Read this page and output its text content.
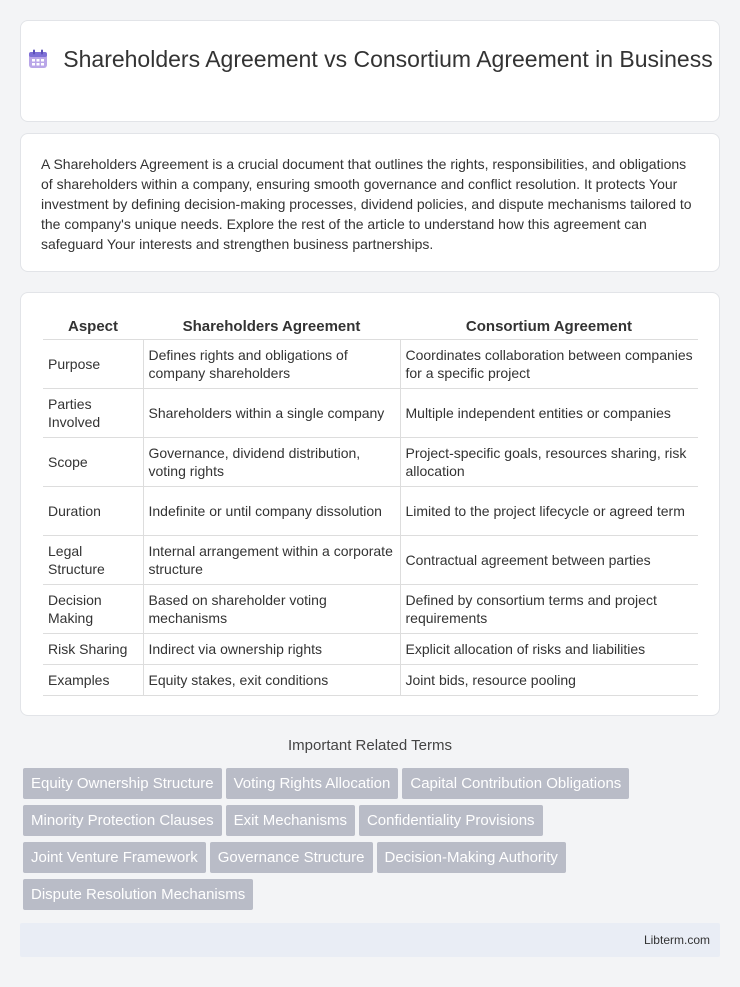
Shareholders Agreement vs Consortium Agreement in Business

A Shareholders Agreement is a crucial document that outlines the rights, responsibilities, and obligations of shareholders within a company, ensuring smooth governance and conflict resolution. It protects Your investment by defining decision-making processes, dividend policies, and dispute mechanisms tailored to the company's unique needs. Explore the rest of the article to understand how this agreement can safeguard Your interests and strengthen business partnerships.

Aspect	Shareholders Agreement	Consortium Agreement
Purpose	Defines rights and obligations of company shareholders	Coordinates collaboration between companies for a specific project
Parties Involved	Shareholders within a single company	Multiple independent entities or companies
Scope	Governance, dividend distribution, voting rights	Project-specific goals, resources sharing, risk allocation
Duration	Indefinite or until company dissolution	Limited to the project lifecycle or agreed term
Legal Structure	Internal arrangement within a corporate structure	Contractual agreement between parties
Decision Making	Based on shareholder voting mechanisms	Defined by consortium terms and project requirements
Risk Sharing	Indirect via ownership rights	Explicit allocation of risks and liabilities
Examples	Equity stakes, exit conditions	Joint bids, resource pooling
Important Related Terms
Equity Ownership Structure Voting Rights Allocation Capital Contribution Obligations
Minority Protection Clauses Exit Mechanisms Confidentiality Provisions
Joint Venture Framework Governance Structure Decision-Making Authority
Dispute Resolution Mechanisms
Libterm.com
